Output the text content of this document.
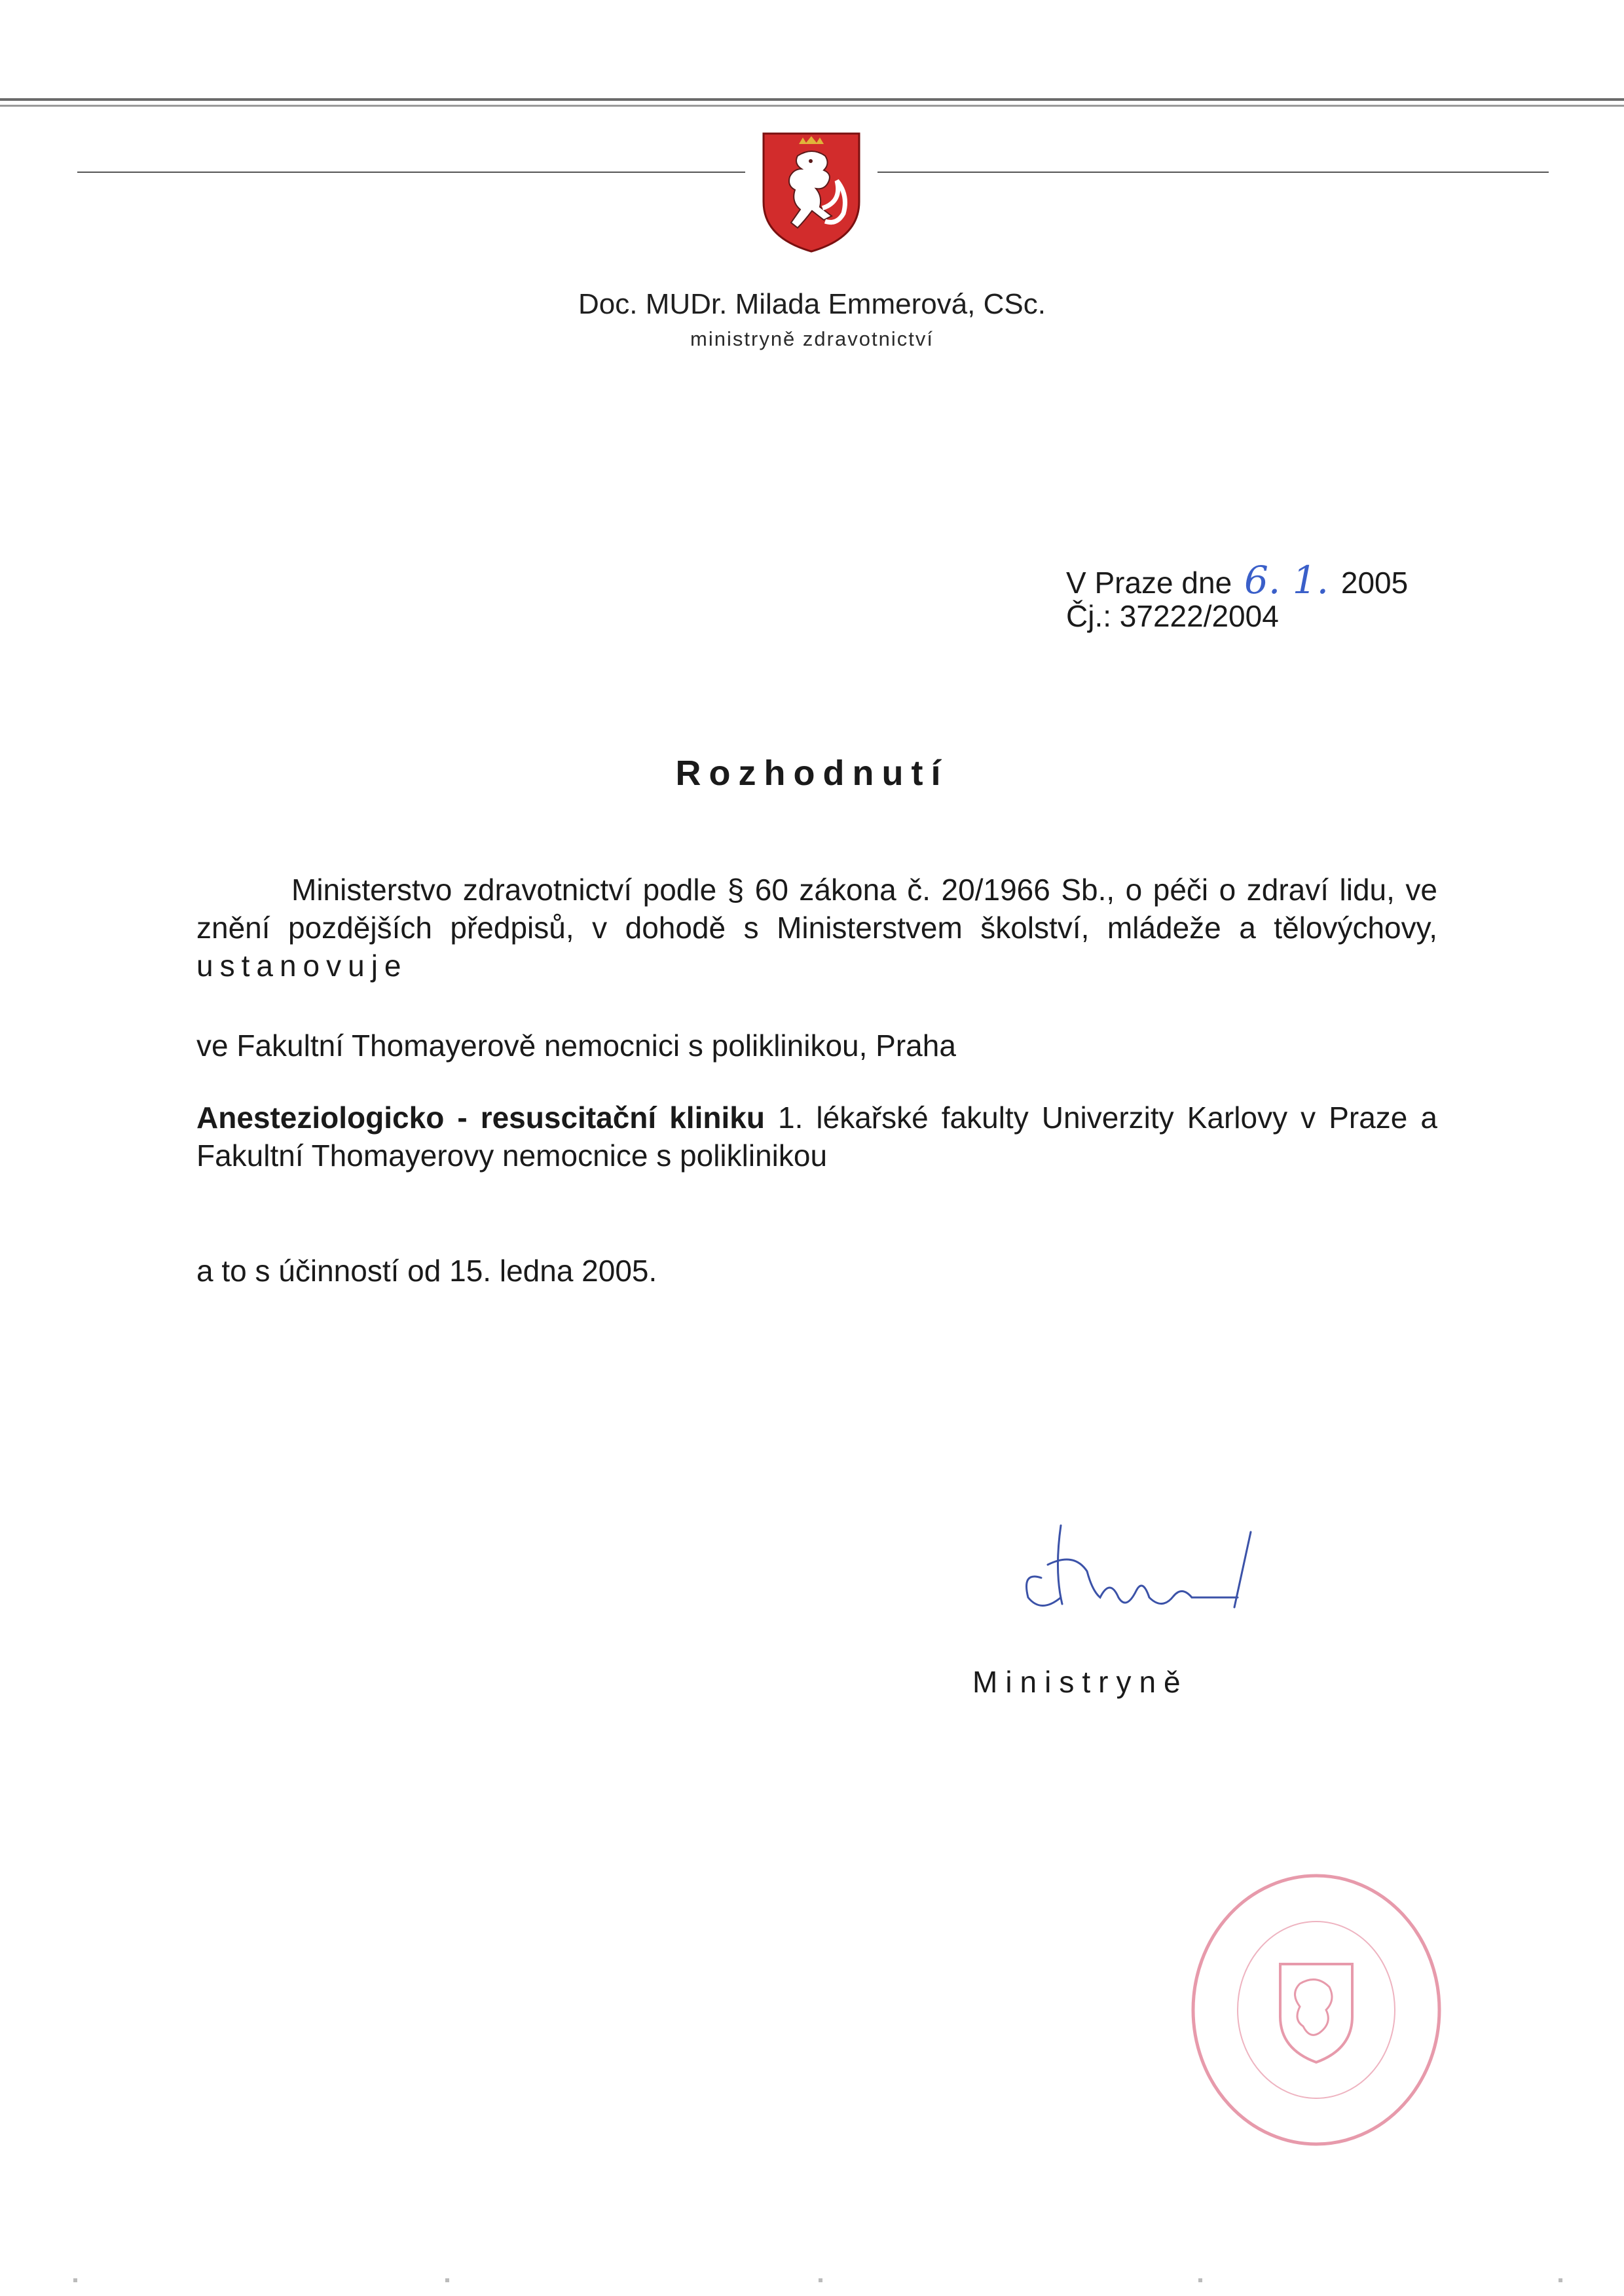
Doc. MUDr. Milada Emmerová, CSc.
ministryně zdravotnictví
V Praze dne 6. 1. 2005
Čj.: 37222/2004
Rozhodnutí
Ministerstvo zdravotnictví podle § 60 zákona č. 20/1966 Sb., o péči o zdraví lidu, ve znění pozdějších předpisů, v dohodě s Ministerstvem školství, mládeže a tělovýchovy, ustanovuje
ve Fakultní Thomayerově nemocnici s poliklinikou, Praha
Anesteziologicko - resuscitační kliniku 1. lékařské fakulty Univerzity Karlovy v Praze a Fakultní Thomayerovy nemocnice s poliklinikou
a to s účinností od 15. ledna 2005.
Ministryně
